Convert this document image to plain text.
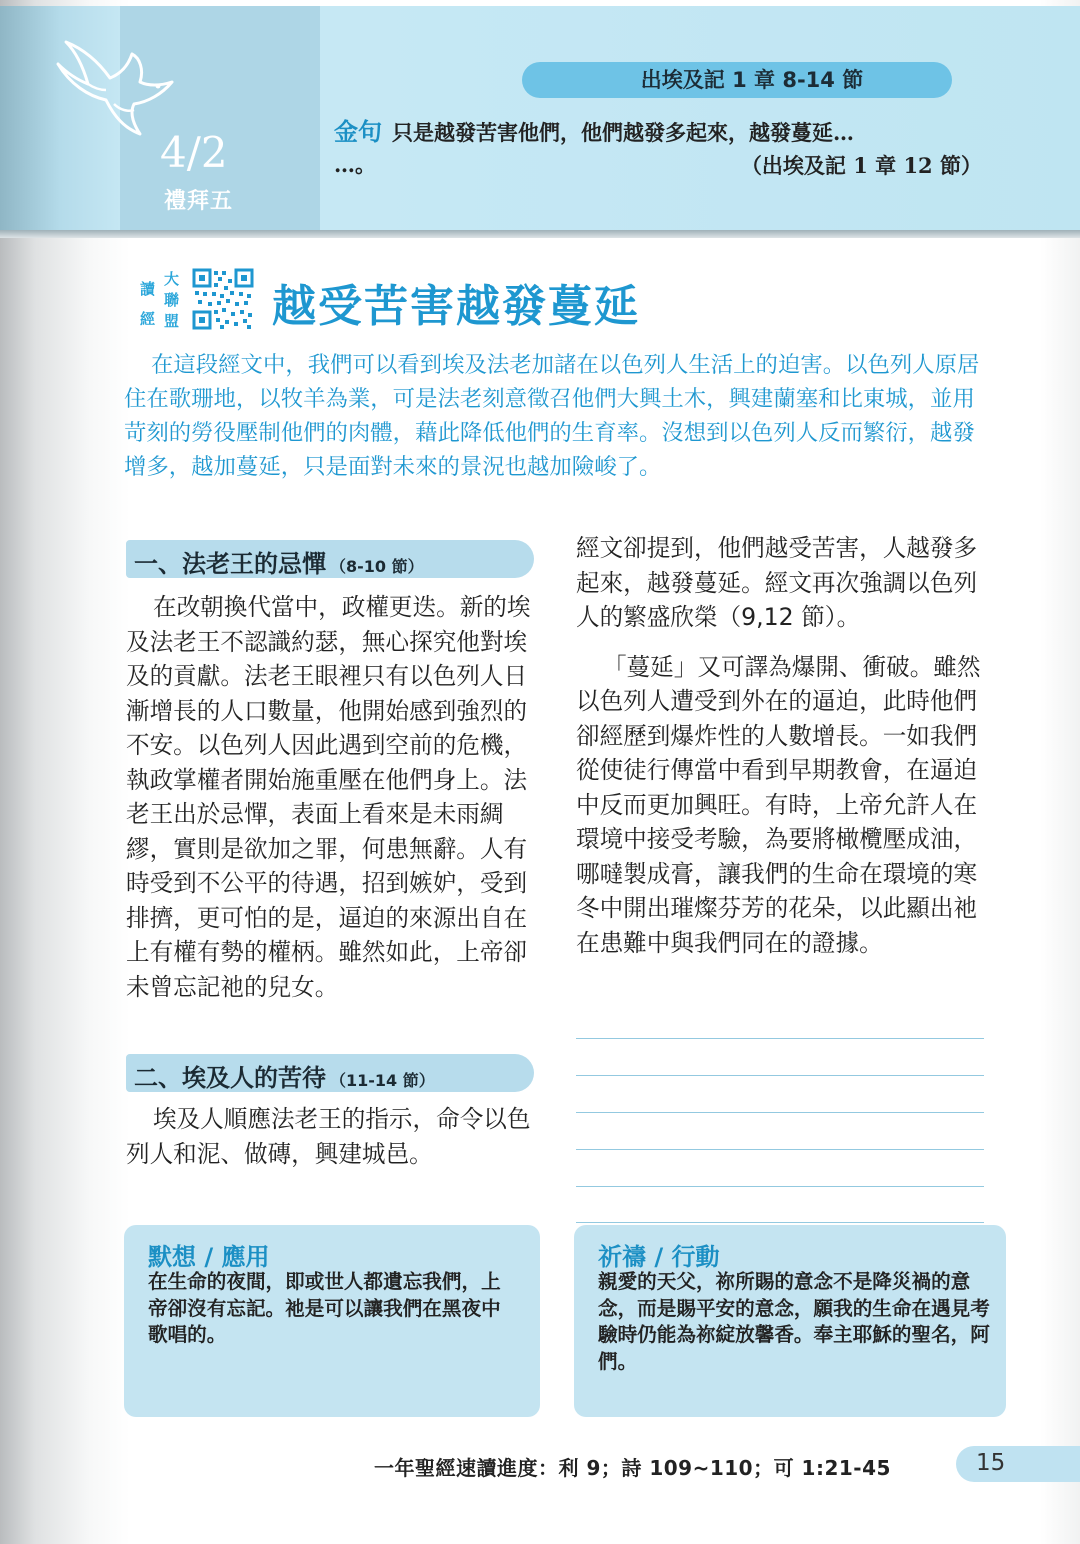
4/2
禮拜五
出埃及記 1 章 8-14 節
金句 只是越發苦害他們，他們越發多起來，越發蔓延…
…。	（出埃及記 1 章 12 節）
讀
大
聯
經 盟 越受苦害越發蔓延

在這段經文中，我們可以看到埃及法老加諸在以色列人生活上的迫害。以色列人原居住在歌珊地，以牧羊為業，可是法老刻意徵召他們大興土木，興建蘭塞和比東城，並用苛刻的勞役壓制他們的肉體，藉此降低他們的生育率。沒想到以色列人反而繁衍，越發增多，越加蔓延，只是面對未來的景況也越加險峻了。

一、法老王的忌憚 （8-10 節）

在改朝換代當中，政權更迭。新的埃及法老王不認識約瑟，無心探究他對埃及的貢獻。法老王眼裡只有以色列人日漸增長的人口數量，他開始感到強烈的不安。以色列人因此遇到空前的危機，執政掌權者開始施重壓在他們身上。法老王出於忌憚，表面上看來是未雨綢繆，實則是欲加之罪，何患無辭。人有時受到不公平的待遇，招到嫉妒，受到排擠，更可怕的是，逼迫的來源出自在上有權有勢的權柄。雖然如此，上帝卻未曾忘記祂的兒女。

二、埃及人的苦待 （11-14 節）

埃及人順應法老王的指示，命令以色列人和泥、做磚，興建城邑。

經文卻提到，他們越受苦害，人越發多起來，越發蔓延。經文再次強調以色列人的繁盛欣榮（9,12 節）。

「蔓延」又可譯為爆開、衝破。雖然以色列人遭受到外在的逼迫，此時他們卻經歷到爆炸性的人數增長。一如我們從使徒行傳當中看到早期教會，在逼迫中反而更加興旺。有時，上帝允許人在環境中接受考驗，為要將橄欖壓成油，哪噠製成膏，讓我們的生命在環境的寒冬中開出璀燦芬芳的花朵，以此顯出祂在患難中與我們同在的證據。

默想 / 應用
在生命的夜間，即或世人都遺忘我們，上帝卻沒有忘記。祂是可以讓我們在黑夜中歌唱的。
祈禱 / 行動
親愛的天父，祢所賜的意念不是降災禍的意念，而是賜平安的意念，願我的生命在遇見考驗時仍能為祢綻放馨香。奉主耶穌的聖名，阿們。
一年聖經速讀進度：利 9；詩 109~110；可 1:21-45	15
